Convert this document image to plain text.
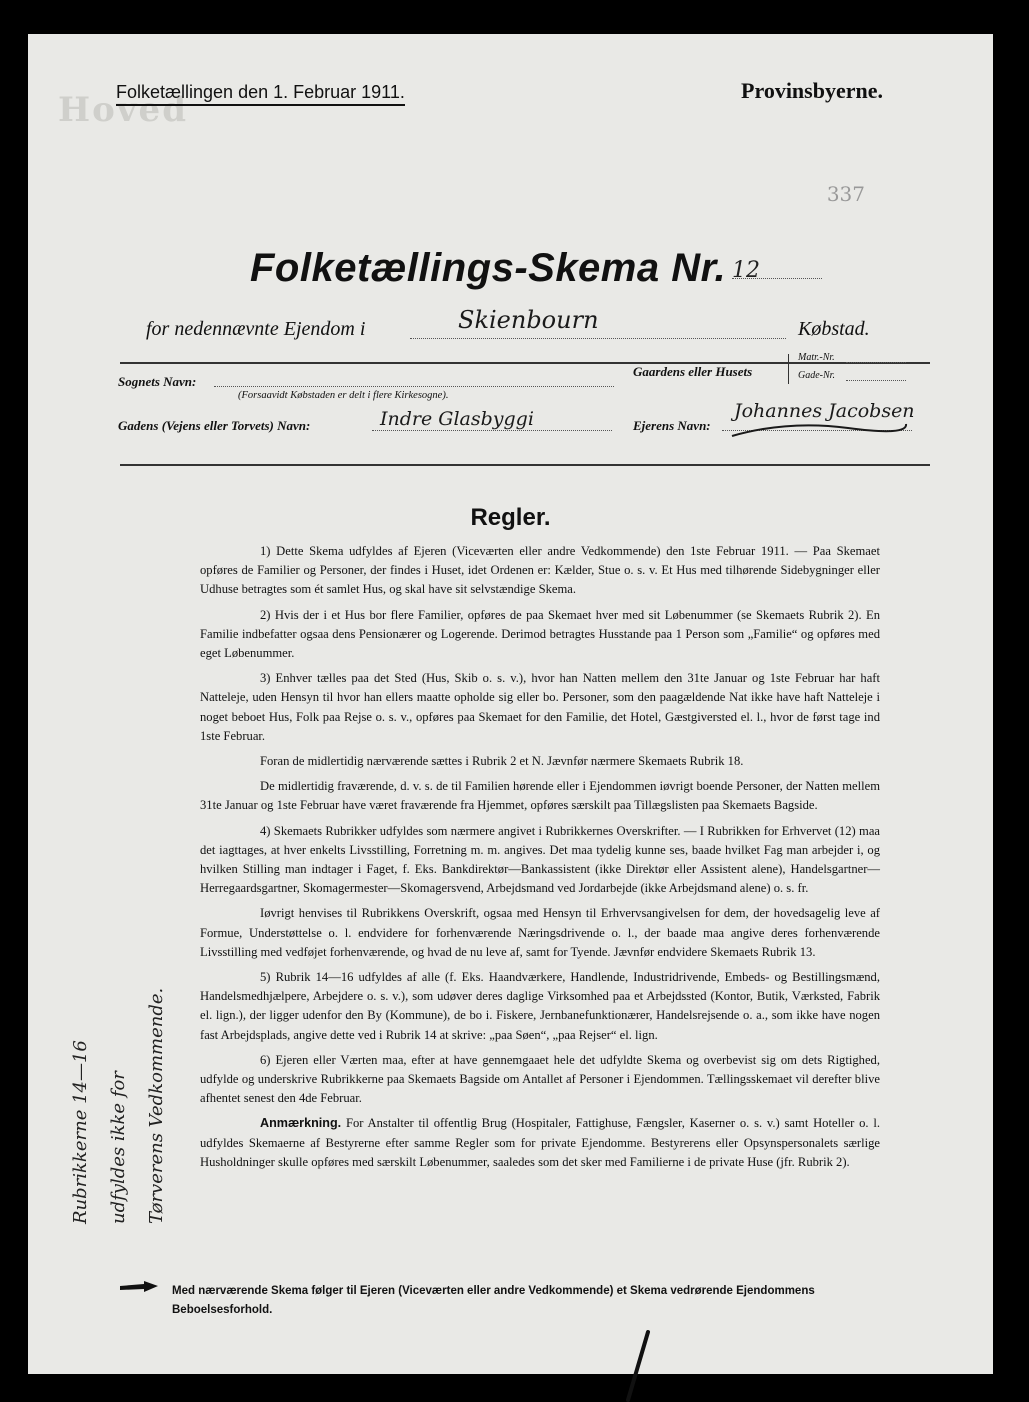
Hoved
Folketællingen den 1. Februar 1911.	Provinsbyerne.
337
Folketællings-Skema Nr. 12
for nedennævnte Ejendom i	Skienbourn	Købstad.
Sognets Navn:
(Forsaavidt Købstaden er delt i flere Kirkesogne).
Gaardens eller Husets
Matr.-Nr.
Gade-Nr.
Gadens (Vejens eller Torvets) Navn:	Indre Glasbyggi	Ejerens Navn:
Johannes Jacobsen
Regler.

1) Dette Skema udfyldes af Ejeren (Viceværten eller andre Vedkommende) den 1ste Februar 1911. — Paa Skemaet opføres de Familier og Personer, der findes i Huset, idet Ordenen er: Kælder, Stue o. s. v. Et Hus med tilhørende Sidebygninger eller Udhuse betragtes som ét samlet Hus, og skal have sit selvstændige Skema.

2) Hvis der i et Hus bor flere Familier, opføres de paa Skemaet hver med sit Løbenummer (se Skemaets Rubrik 2). En Familie indbefatter ogsaa dens Pensionærer og Logerende. Derimod betragtes Husstande paa 1 Person som „Familie“ og opføres med eget Løbenummer.

3) Enhver tælles paa det Sted (Hus, Skib o. s. v.), hvor han Natten mellem den 31te Januar og 1ste Februar har haft Natteleje, uden Hensyn til hvor han ellers maatte opholde sig eller bo. Personer, som den paagældende Nat ikke have haft Natteleje i noget beboet Hus, Folk paa Rejse o. s. v., opføres paa Skemaet for den Familie, det Hotel, Gæstgiversted el. l., hvor de først tage ind 1ste Februar.

Foran de midlertidig nærværende sættes i Rubrik 2 et N. Jævnfør nærmere Skemaets Rubrik 18.

De midlertidig fraværende, d. v. s. de til Familien hørende eller i Ejendommen iøvrigt boende Personer, der Natten mellem 31te Januar og 1ste Februar have været fraværende fra Hjemmet, opføres særskilt paa Tillægslisten paa Skemaets Bagside.

4) Skemaets Rubrikker udfyldes som nærmere angivet i Rubrikkernes Overskrifter. — I Rubrikken for Erhvervet (12) maa det iagttages, at hver enkelts Livsstilling, Forretning m. m. angives. Det maa tydelig kunne ses, baade hvilket Fag man arbejder i, og hvilken Stilling man indtager i Faget, f. Eks. Bankdirektør—Bankassistent (ikke Direktør eller Assistent alene), Handelsgartner—Herregaardsgartner, Skomagermester—Skomagersvend, Arbejdsmand ved Jordarbejde (ikke Arbejdsmand alene) o. s. fr.

Iøvrigt henvises til Rubrikkens Overskrift, ogsaa med Hensyn til Erhvervsangivelsen for dem, der hovedsagelig leve af Formue, Understøttelse o. l. endvidere for forhenværende Næringsdrivende o. l., der baade maa angive deres forhenværende Livsstilling med vedføjet forhenværende, og hvad de nu leve af, samt for Tyende. Jævnfør endvidere Skemaets Rubrik 13.

5) Rubrik 14—16 udfyldes af alle (f. Eks. Haandværkere, Handlende, Industridrivende, Embeds- og Bestillingsmænd, Handelsmedhjælpere, Arbejdere o. s. v.), som udøver deres daglige Virksomhed paa et Arbejdssted (Kontor, Butik, Værksted, Fabrik el. lign.), der ligger udenfor den By (Kommune), de bo i. Fiskere, Jernbanefunktionærer, Handelsrejsende o. a., som ikke have nogen fast Arbejdsplads, angive dette ved i Rubrik 14 at skrive: „paa Søen“, „paa Rejser“ el. lign.

6) Ejeren eller Værten maa, efter at have gennemgaaet hele det udfyldte Skema og overbevist sig om dets Rigtighed, udfylde og underskrive Rubrikkerne paa Skemaets Bagside om Antallet af Personer i Ejendommen. Tællingsskemaet vil derefter blive afhentet senest den 4de Februar.

Anmærkning. For Anstalter til offentlig Brug (Hospitaler, Fattighuse, Fængsler, Kaserner o. s. v.) samt Hoteller o. l. udfyldes Skemaerne af Bestyrerne efter samme Regler som for private Ejendomme. Bestyrerens eller Opsynspersonalets særlige Husholdninger skulle opføres med særskilt Løbenummer, saaledes som det sker med Familierne i de private Huse (jfr. Rubrik 2).

Rubrikkerne 14—16 udfyldes ikke for Tørverens Vedkommende.
Med nærværende Skema følger til Ejeren (Viceværten eller andre Vedkommende) et Skema vedrørende Ejendommens Beboelsesforhold.
